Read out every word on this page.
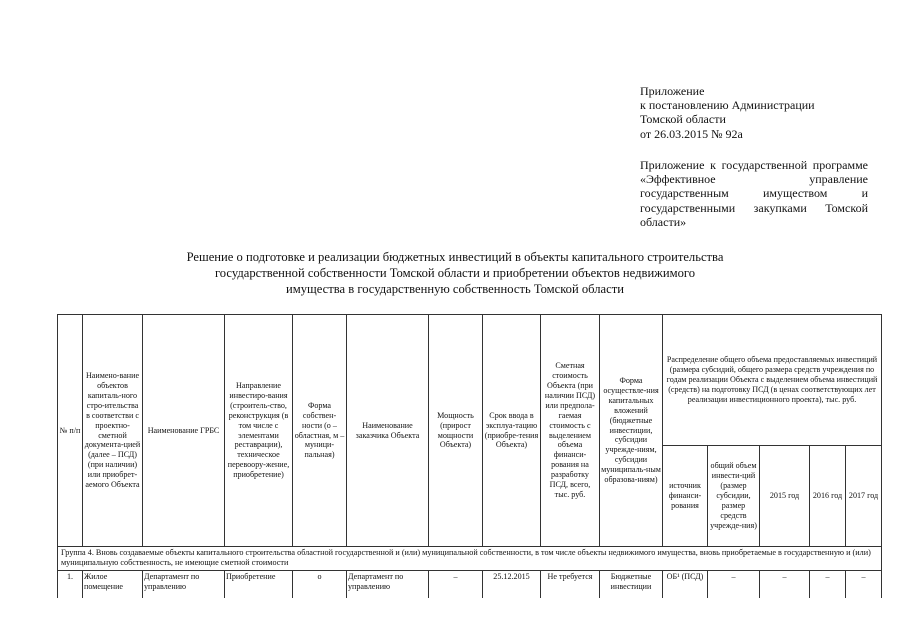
Приложение
к постановлению Администрации
Томской области
от 26.03.2015 № 92а
Приложение к государственной программе «Эффективное управление государственным имуществом и государственными закупками Томской области»
Решение о подготовке и реализации бюджетных инвестиций в объекты капитального строительства
государственной собственности Томской области и приобретении объектов недвижимого
имущества в государственную собственность Томской области
№ п/п	Наимено-вание объектов капиталь-ного стро-ительства в соответстви с проектно-сметной документа-цией (далее – ПСД) (при наличии) или приобрет-аемого Объекта	Наименование ГРБС	Направление инвестиро-вания (строитель-ство, реконструкция (в том числе с элементами реставрации), техническое перевоору-жение, приобретение)	Форма собствен-ности (о – областная, м – муници-пальная)	Наименование заказчика Объекта	Мощность (прирост мощности Объекта)	Срок ввода в эксплуа-тацию (приобре-тения Объекта)	Сметная стоимость Объекта (при наличии ПСД) или предпола-гаемая стоимость с выделением объема финанси-рования на разработку ПСД, всего, тыс. руб.	Форма осуществле-ния капитальных вложений (бюджетные инвестиции, субсидии учрежде-ниям, субсидии муниципаль-ным образова-ниям)	Распределение общего объема предоставляемых инвестиций (размера субсидий, общего размера средств учреждения по годам реализации Объекта с выделением объема инвестиций (средств) на подготовку ПСД (в ценах соответствующих лет реализации инвестиционного проекта), тыс. руб.				
										источник финанси-рования	общий объем инвести-ций (размер субсидии, размер средств учрежде-ния)	2015 год	2016 год	2017 год
Группа 4. Вновь создаваемые объекты капитального строительства областной государственной и (или) муниципальной собственности, в том числе объекты недвижимого имущества, вновь приобретаемые в государственную и (или) муниципальную собственность, не имеющие сметной стоимости														
1.	Жилое помещение	Департамент по управлению	Приобретение	о	Департамент по управлению	–	25.12.2015	Не требуется	Бюджетные инвестиции	ОБ¹ (ПСД)	–	–	–	–
